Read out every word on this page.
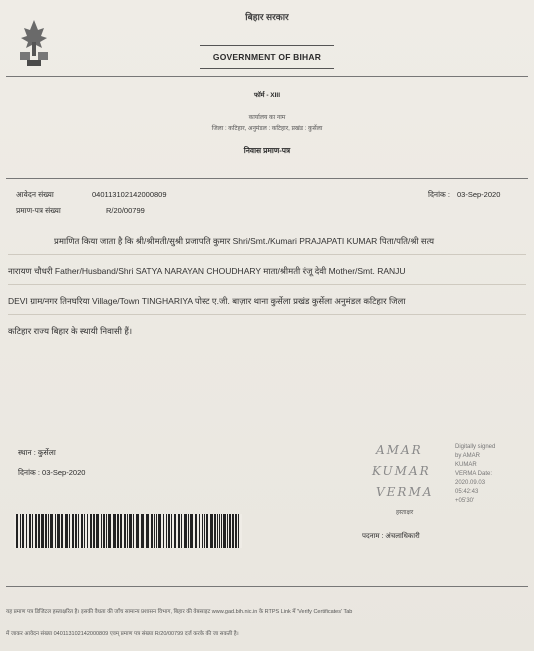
बिहार सरकार
GOVERNMENT OF BIHAR
फॉर्म - XIII
कार्यालय का नाम
जिला : कटिहार, अनुमंडल : कटिहार, प्रखंड : कुर्सेला
निवास प्रमाण-पत्र
आवेदन संख्या	040113102142000809
प्रमाण-पत्र संख्या	R/20/00799
दिनांक : 03-Sep-2020
प्रमाणित किया जाता है कि श्री/श्रीमती/सुश्री प्रजापति कुमार Shri/Smt./Kumari PRAJAPATI KUMAR पिता/पति/श्री सत्य
नारायण चौधरी Father/Husband/Shri SATYA NARAYAN CHOUDHARY माता/श्रीमती रंजू देवी Mother/Smt. RANJU
DEVI ग्राम/नगर तिनघरिया Village/Town TINGHARIYA पोस्ट ए.जी. बाज़ार थाना कुर्सेला प्रखंड कुर्सेला अनुमंडल कटिहार जिला
कटिहार राज्य बिहार के स्थायी निवासी हैं।
स्थान : कुर्सेला
दिनांक : 03-Sep-2020
AMAR
KUMAR
VERMA
Digitally signed
by AMAR
KUMAR
VERMA Date:
2020.09.03
05:42:43
+05'30'
हस्ताक्षर
पदनाम : अंचलाधिकारी
यह प्रमाण पत्र डिजिटल हस्ताक्षरित है। इसकी वैधता की जाँच सामान्य प्रशासन विभाग, बिहार की वेबसाइट www.gad.bih.nic.in के RTPS Link में 'Verify Certificates' Tab
में जाकर आवेदन संख्या 040113102142000809 एवम् प्रमाण पत्र संख्या R/20/00799 दर्ज करके की जा सकती है।
